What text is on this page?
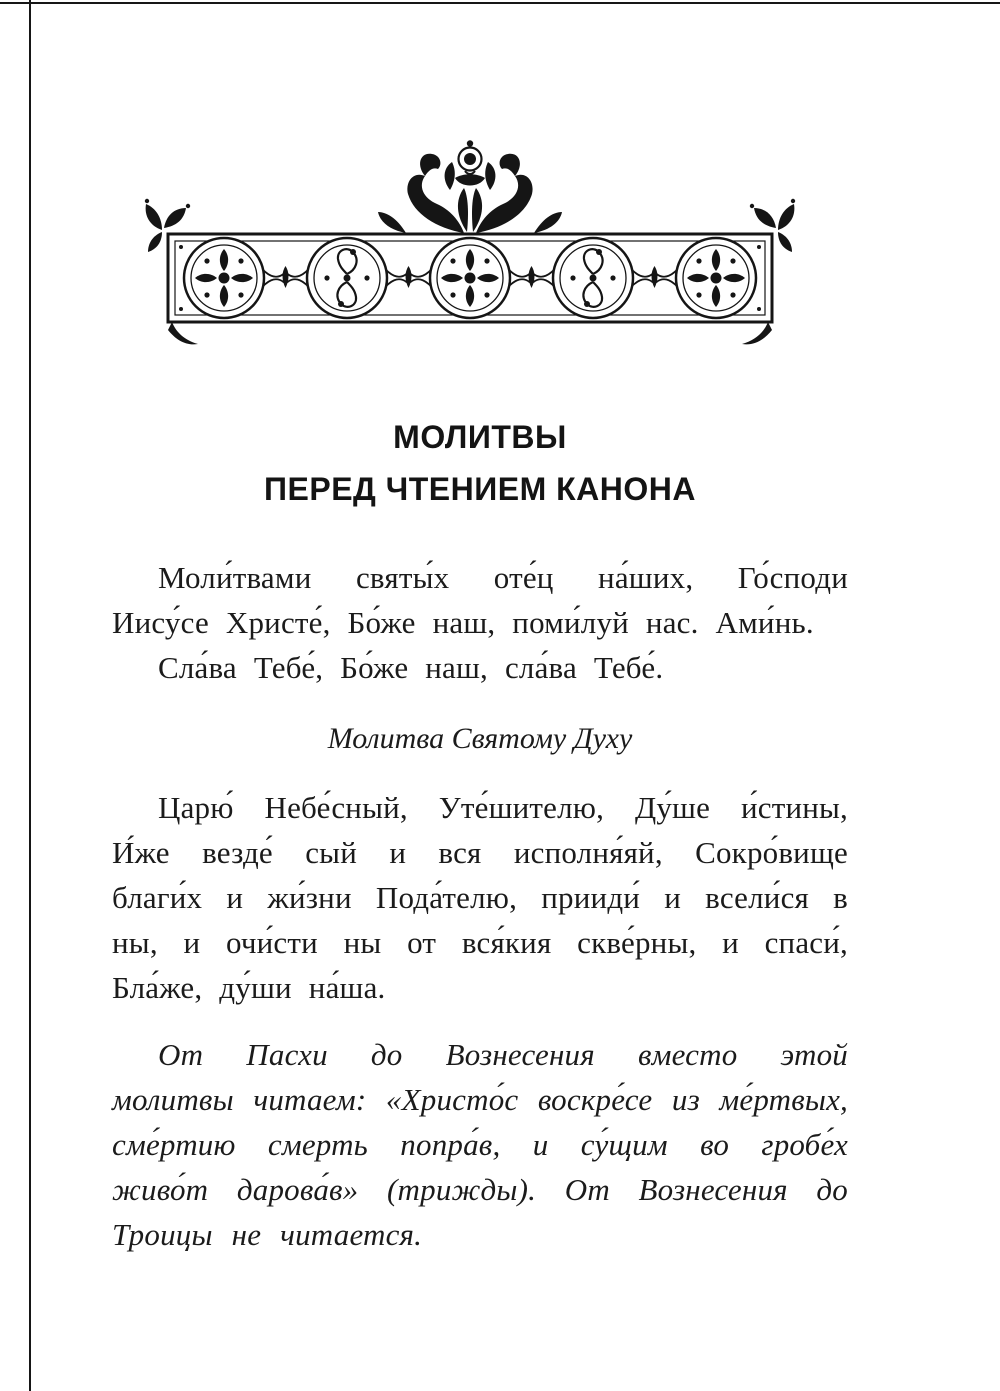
МОЛИТВЫ
ПЕРЕД ЧТЕНИЕМ КАНОНА

Моли́твами святы́х оте́ц на́ших, Го́споди Иису́се Христе́, Бо́же наш, поми́луй нас. Ами́нь.

Сла́ва Тебе́, Бо́же наш, сла́ва Тебе́.

Молитва Святому Духу

Царю́ Небе́сный, Уте́шителю, Ду́ше и́стины, И́же везде́ сый и вся исполня́яй, Сокро́вище благи́х и жи́зни Пода́телю, прииди́ и всели́ся в ны, и очи́сти ны от вся́кия скве́рны, и спаси́, Бла́же, ду́ши на́ша.

От Пасхи до Вознесения вместо этой молитвы читаем: «Христо́с воскре́се из ме́ртвых, сме́ртию смерть попра́в, и су́щим во гробе́х живо́т дарова́в» (трижды). От Вознесения до Троицы не читается.
